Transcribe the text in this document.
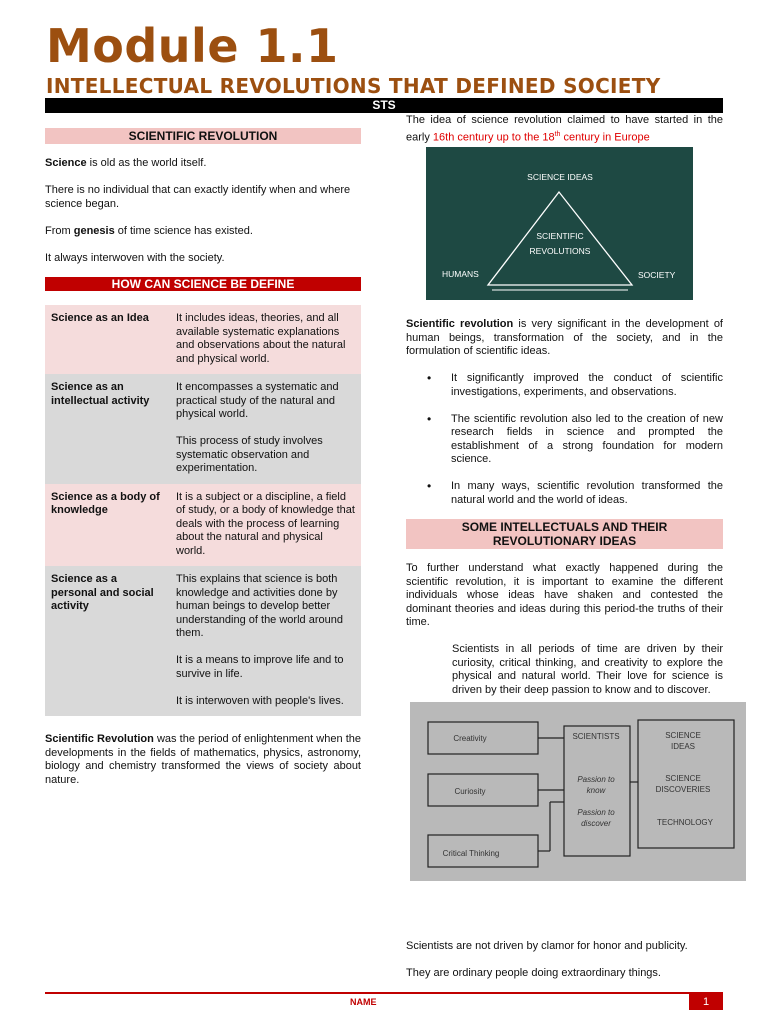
Module 1.1
INTELLECTUAL REVOLUTIONS THAT DEFINED SOCIETY
STS
SCIENTIFIC REVOLUTION

Science is old as the world itself.

There is no individual that can exactly identify when and where science began.

From genesis of time science has existed.

It always interwoven with the society.

HOW CAN SCIENCE BE DEFINE
Science as an Idea	It includes ideas, theories, and all available systematic explanations and observations about the natural and physical world.

Science as an intellectual activity	It encompasses a systematic and practical study of the natural and physical world.

This process of study involves systematic observation and experimentation.

Science as a body of knowledge	It is a subject or a discipline, a field of study, or a body of knowledge that deals with the process of learning about the natural and physical world.

Science as a personal and social activity	This explains that science is both knowledge and activities done by human beings to develop better understanding of the world around them.

It is a means to improve life and to survive in life.

It is interwoven with people's lives.

Scientific Revolution was the period of enlightenment when the developments in the fields of mathematics, physics, astronomy, biology and chemistry transformed the views of society about nature.

The idea of science revolution claimed to have started in the early 16th century up to the 18th century in Europe

SCIENCE IDEAS
SCIENTIFIC
REVOLUTIONS
HUMANS	SOCIETY

Scientific revolution is very significant in the development of human beings, transformation of the society, and in the formulation of scientific ideas.

• It significantly improved the conduct of scientific investigations, experiments, and observations.
• The scientific revolution also led to the creation of new research fields in science and prompted the establishment of a strong foundation for modern science.
• In many ways, scientific revolution transformed the natural world and the world of ideas.
SOME INTELLECTUALS AND THEIR REVOLUTIONARY IDEAS

To further understand what exactly happened during the scientific revolution, it is important to examine the different individuals whose ideas have shaken and contested the dominant theories and ideas during this period-the truths of their time.

Scientists in all periods of time are driven by their curiosity, critical thinking, and creativity to explore the physical and natural world. Their love for science is driven by their deep passion to know and to discover.

Creativity
Curiosity
Critical Thinking
SCIENTISTS
Passion to
know
Passion to
discover
SCIENCE
IDEAS
SCIENCE
DISCOVERIES
TECHNOLOGY

Scientists are not driven by clamor for honor and publicity.

They are ordinary people doing extraordinary things.

NAME	1
